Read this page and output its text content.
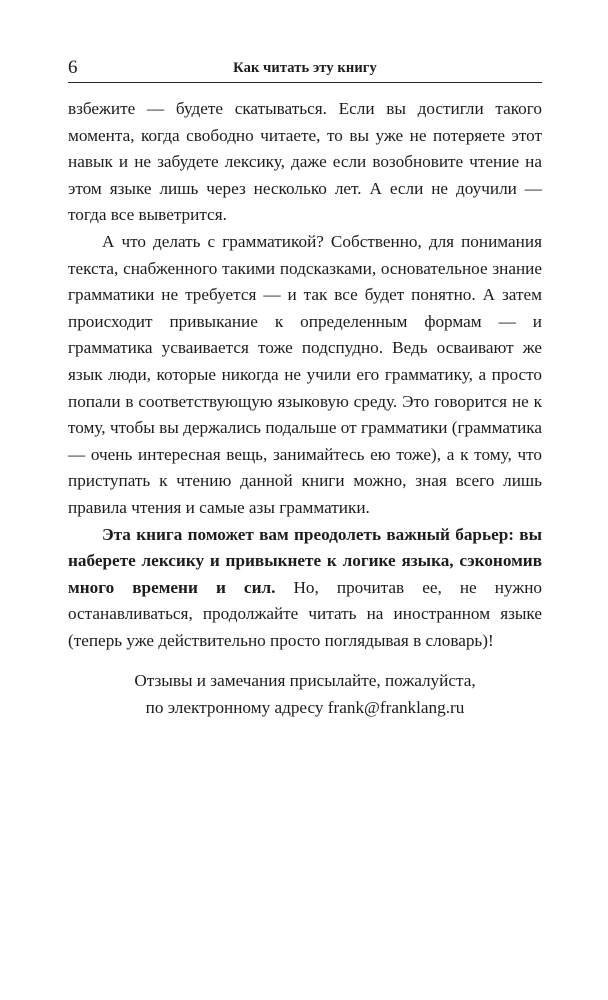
6	Как читать эту книгу

взбежите — будете скатываться. Если вы достигли такого момента, когда свободно читаете, то вы уже не потеряете этот навык и не забудете лексику, даже если возобновите чтение на этом языке лишь через несколько лет. А если не доучили — тогда все выветрится.

А что делать с грамматикой? Собственно, для понимания текста, снабженного такими подсказками, основательное знание грамматики не требуется — и так все будет понятно. А затем происходит привыкание к определенным формам — и грамматика усваивается тоже подспудно. Ведь осваивают же язык люди, которые никогда не учили его грамматику, а просто попали в соответствующую языковую среду. Это говорится не к тому, чтобы вы держались подальше от грамматики (грамматика — очень интересная вещь, занимайтесь ею тоже), а к тому, что приступать к чтению данной книги можно, зная всего лишь правила чтения и самые азы грамматики.

Эта книга поможет вам преодолеть важный барьер: вы наберете лексику и привыкнете к логике языка, сэкономив много времени и сил. Но, прочитав ее, не нужно останавливаться, продолжайте читать на иностранном языке (теперь уже действительно просто поглядывая в словарь)!

Отзывы и замечания присылайте, пожалуйста,
по электронному адресу frank@franklang.ru
